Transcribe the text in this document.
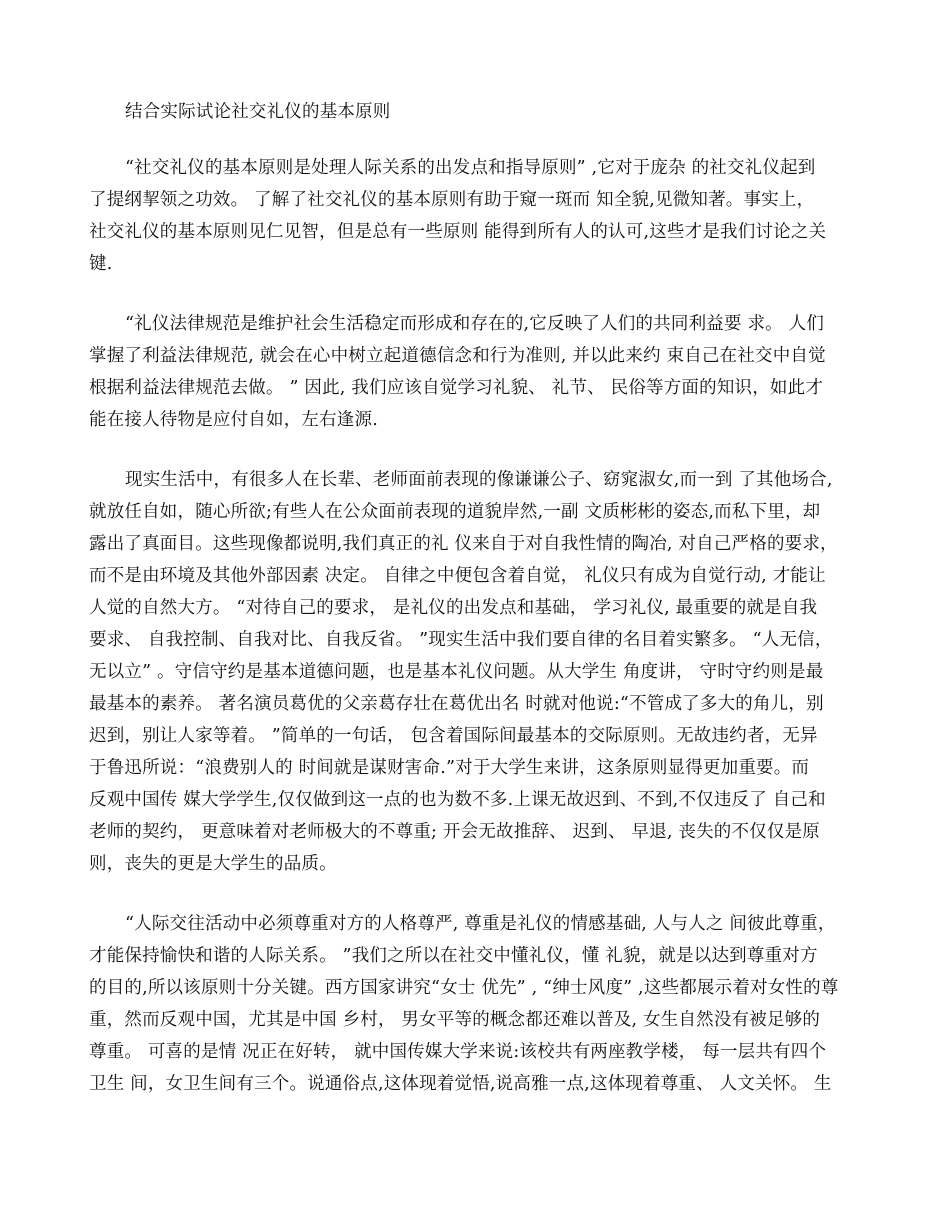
结合实际试论社交礼仪的基本原则
“社交礼仪的基本原则是处理人际关系的出发点和指导原则” ,它对于庞杂 的社交礼仪起到
了提纲挈领之功效。 了解了社交礼仪的基本原则有助于窥一斑而 知全貌,见微知著。事实上，
社交礼仪的基本原则见仁见智，但是总有一些原则 能得到所有人的认可,这些才是我们讨论之关
键.
“礼仪法律规范是维护社会生活稳定而形成和存在的,它反映了人们的共同利益要 求。 人们
掌握了利益法律规范, 就会在心中树立起道德信念和行为准则, 并以此来约 束自己在社交中自觉
根据利益法律规范去做。 ” 因此, 我们应该自觉学习礼貌、 礼节、 民俗等方面的知识，如此才
能在接人待物是应付自如，左右逢源.
现实生活中，有很多人在长辈、老师面前表现的像谦谦公子、窈窕淑女,而一到 了其他场合,
就放任自如，随心所欲;有些人在公众面前表现的道貌岸然,一副 文质彬彬的姿态,而私下里，却
露出了真面目。这些现像都说明,我们真正的礼 仪来自于对自我性情的陶冶, 对自己严格的要求，
而不是由环境及其他外部因素 决定。 自律之中便包含着自觉， 礼仪只有成为自觉行动, 才能让
人觉的自然大方。 “对待自己的要求， 是礼仪的出发点和基础， 学习礼仪, 最重要的就是自我
要求、 自我控制、自我对比、自我反省。 ”现实生活中我们要自律的名目着实繁多。 “人无信，
无以立” 。守信守约是基本道德问题，也是基本礼仪问题。从大学生 角度讲， 守时守约则是最
最基本的素养。 著名演员葛优的父亲葛存壮在葛优出名 时就对他说:“不管成了多大的角儿，别
迟到，别让人家等着。 ”简单的一句话， 包含着国际间最基本的交际原则。无故违约者，无异
于鲁迅所说：“浪费别人的 时间就是谋财害命.”对于大学生来讲，这条原则显得更加重要。而
反观中国传 媒大学学生,仅仅做到这一点的也为数不多.上课无故迟到、不到,不仅违反了 自己和
老师的契约， 更意味着对老师极大的不尊重; 开会无故推辞、 迟到、 早退, 丧失的不仅仅是原
则，丧失的更是大学生的品质。
“人际交往活动中必须尊重对方的人格尊严, 尊重是礼仪的情感基础, 人与人之 间彼此尊重，
才能保持愉快和谐的人际关系。 ”我们之所以在社交中懂礼仪，懂 礼貌，就是以达到尊重对方
的目的,所以该原则十分关键。西方国家讲究“女士 优先” , “绅士风度” ,这些都展示着对女性的尊
重，然而反观中国，尤其是中国 乡村， 男女平等的概念都还难以普及, 女生自然没有被足够的
尊重。 可喜的是情 况正在好转， 就中国传媒大学来说:该校共有两座教学楼， 每一层共有四个
卫生 间，女卫生间有三个。说通俗点,这体现着觉悟,说高雅一点,这体现着尊重、 人文关怀。 生
